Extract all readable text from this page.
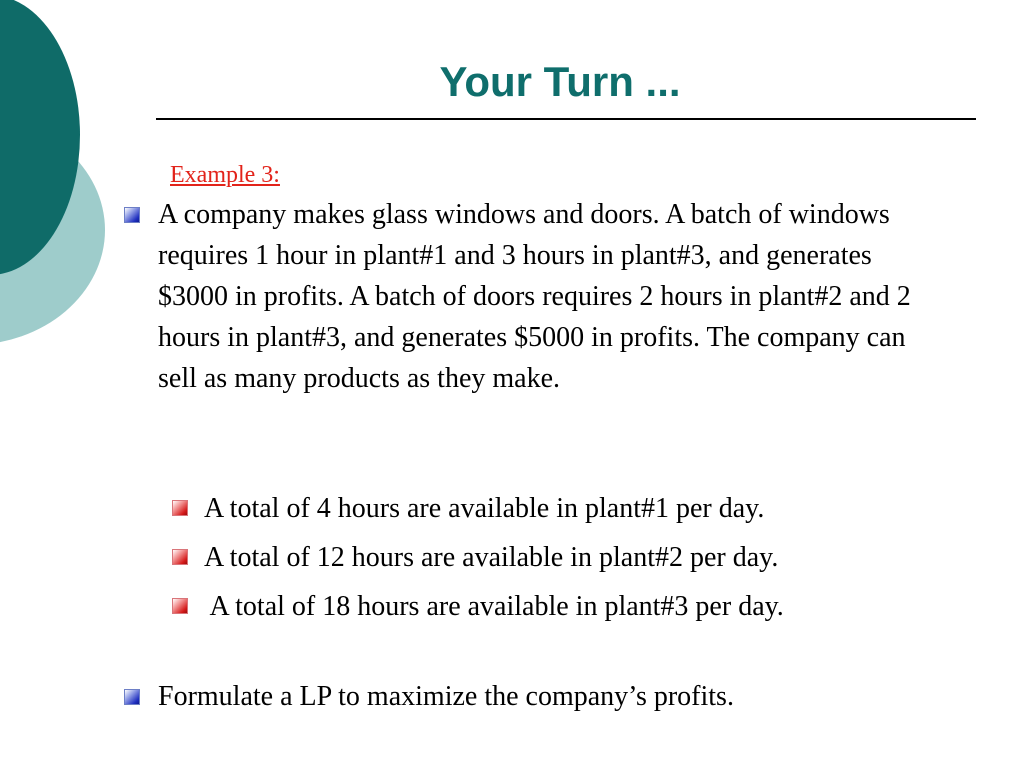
Your Turn ...
Example 3:
A company makes glass windows and doors. A batch of windows requires 1 hour in plant#1 and 3 hours in plant#3, and generates $3000 in profits. A batch of doors requires 2 hours in plant#2 and 2 hours in plant#3, and generates $5000 in profits. The company can sell as many products as they make.
A total of 4 hours are available in plant#1 per day.
A total of 12 hours are available in plant#2 per day.
A total of 18 hours are available in plant#3 per day.
Formulate a LP to maximize the company’s profits.
